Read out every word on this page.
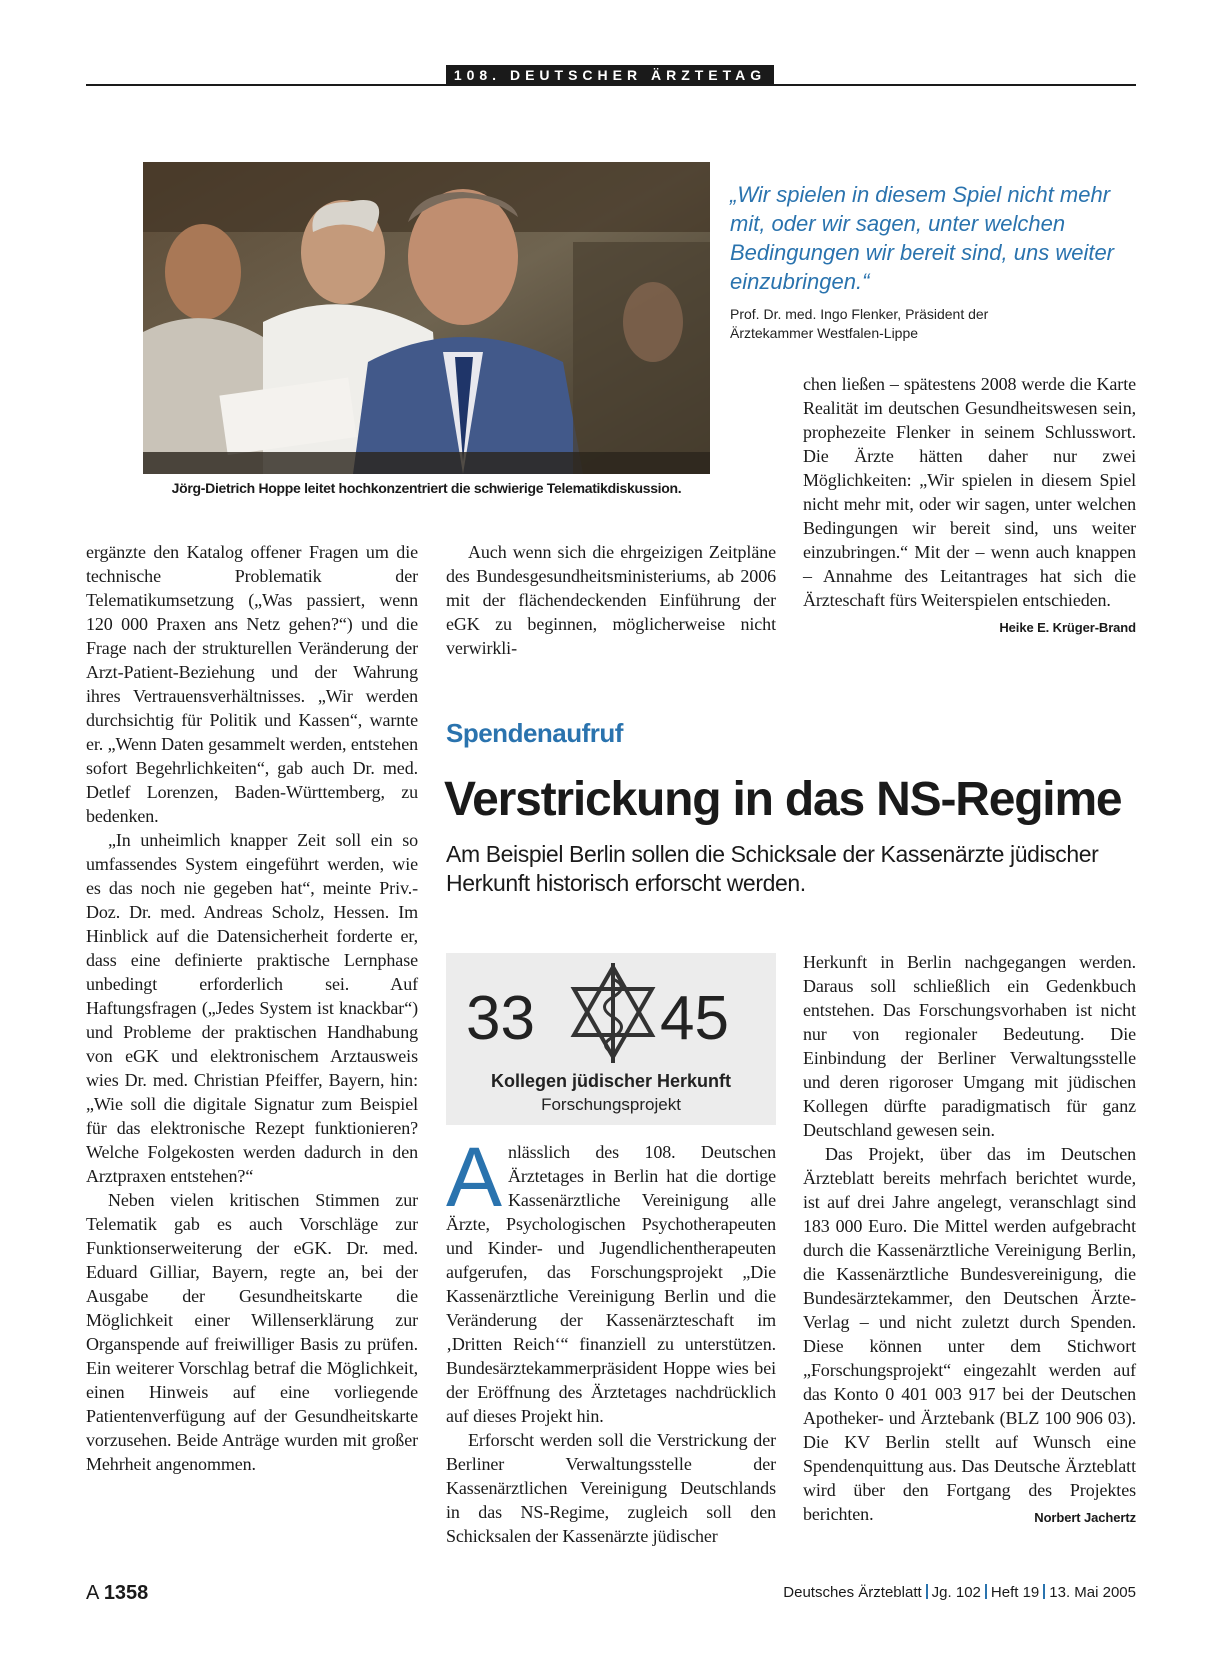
108. DEUTSCHER ÄRZTETAG
Jörg-Dietrich Hoppe leitet hochkonzentriert die schwierige Telematikdiskussion.
„Wir spielen in diesem Spiel nicht mehr mit, oder wir sagen, unter welchen Bedingungen wir bereit sind, uns weiter einzubringen.“
Prof. Dr. med. Ingo Flenker, Präsident der
Ärztekammer Westfalen-Lippe

ergänzte den Katalog offener Fragen um die technische Problematik der Telematikumsetzung („Was passiert, wenn 120 000 Praxen ans Netz gehen?“) und die Frage nach der strukturellen Veränderung der Arzt-Patient-Beziehung und der Wahrung ihres Vertrauensverhältnisses. „Wir werden durchsichtig für Politik und Kassen“, warnte er. „Wenn Daten gesammelt werden, entstehen sofort Begehrlichkeiten“, gab auch Dr. med. Detlef Lorenzen, Baden-Württemberg, zu bedenken.

„In unheimlich knapper Zeit soll ein so umfassendes System eingeführt werden, wie es das noch nie gegeben hat“, meinte Priv.-Doz. Dr. med. Andreas Scholz, Hessen. Im Hinblick auf die Datensicherheit forderte er, dass eine definierte praktische Lernphase unbedingt erforderlich sei. Auf Haftungsfragen („Jedes System ist knackbar“) und Probleme der praktischen Handhabung von eGK und elektronischem Arztausweis wies Dr. med. Christian Pfeiffer, Bayern, hin: „Wie soll die digitale Signatur zum Beispiel für das elektronische Rezept funktionieren? Welche Folgekosten werden dadurch in den Arztpraxen entstehen?“

Neben vielen kritischen Stimmen zur Telematik gab es auch Vorschläge zur Funktionserweiterung der eGK. Dr. med. Eduard Gilliar, Bayern, regte an, bei der Ausgabe der Gesundheitskarte die Möglichkeit einer Willenserklärung zur Organspende auf freiwilliger Basis zu prüfen. Ein weiterer Vorschlag betraf die Möglichkeit, einen Hinweis auf eine vorliegende Patientenverfügung auf der Gesundheitskarte vorzusehen. Beide Anträge wurden mit großer Mehrheit angenommen.

Auch wenn sich die ehrgeizigen Zeitpläne des Bundesgesundheitsministeriums, ab 2006 mit der flächendeckenden Einführung der eGK zu beginnen, möglicherweise nicht verwirkli-

chen ließen – spätestens 2008 werde die Karte Realität im deutschen Gesundheitswesen sein, prophezeite Flenker in seinem Schlusswort. Die Ärzte hätten daher nur zwei Möglichkeiten: „Wir spielen in diesem Spiel nicht mehr mit, oder wir sagen, unter welchen Bedingungen wir bereit sind, uns weiter einzubringen.“ Mit der – wenn auch knappen – Annahme des Leitantrages hat sich die Ärzteschaft fürs Weiterspielen entschieden.
Heike E. Krüger-Brand

Spendenaufruf
Verstrickung in das NS-Regime
Am Beispiel Berlin sollen die Schicksale der Kassenärzte jüdischer Herkunft historisch erforscht werden.
33 45
Kollegen jüdischer Herkunft
Forschungsprojekt

Anlässlich des 108. Deutschen Ärztetages in Berlin hat die dortige Kassenärztliche Vereinigung alle Ärzte, Psychologischen Psychotherapeuten und Kinder- und Jugendlichentherapeuten aufgerufen, das Forschungsprojekt „Die Kassenärztliche Vereinigung Berlin und die Veränderung der Kassenärzteschaft im ‚Dritten Reich‘“ finanziell zu unterstützen. Bundesärztekammerpräsident Hoppe wies bei der Eröffnung des Ärztetages nachdrücklich auf dieses Projekt hin.

Erforscht werden soll die Verstrickung der Berliner Verwaltungsstelle der Kassenärztlichen Vereinigung Deutschlands in das NS-Regime, zugleich soll den Schicksalen der Kassenärzte jüdischer

Herkunft in Berlin nachgegangen werden. Daraus soll schließlich ein Gedenkbuch entstehen. Das Forschungsvorhaben ist nicht nur von regionaler Bedeutung. Die Einbindung der Berliner Verwaltungsstelle und deren rigoroser Umgang mit jüdischen Kollegen dürfte paradigmatisch für ganz Deutschland gewesen sein.

Das Projekt, über das im Deutschen Ärzteblatt bereits mehrfach berichtet wurde, ist auf drei Jahre angelegt, veranschlagt sind 183 000 Euro. Die Mittel werden aufgebracht durch die Kassenärztliche Vereinigung Berlin, die Kassenärztliche Bundesvereinigung, die Bundesärztekammer, den Deutschen Ärzte-Verlag – und nicht zuletzt durch Spenden. Diese können unter dem Stichwort „Forschungsprojekt“ eingezahlt werden auf das Konto 0 401 003 917 bei der Deutschen Apotheker- und Ärztebank (BLZ 100 906 03). Die KV Berlin stellt auf Wunsch eine Spendenquittung aus. Das Deutsche Ärzteblatt wird über den Fortgang des Projektes berichten.	Norbert Jachertz

A 1358	Deutsches Ärzteblatt Jg. 102 Heft 19 13. Mai 2005
